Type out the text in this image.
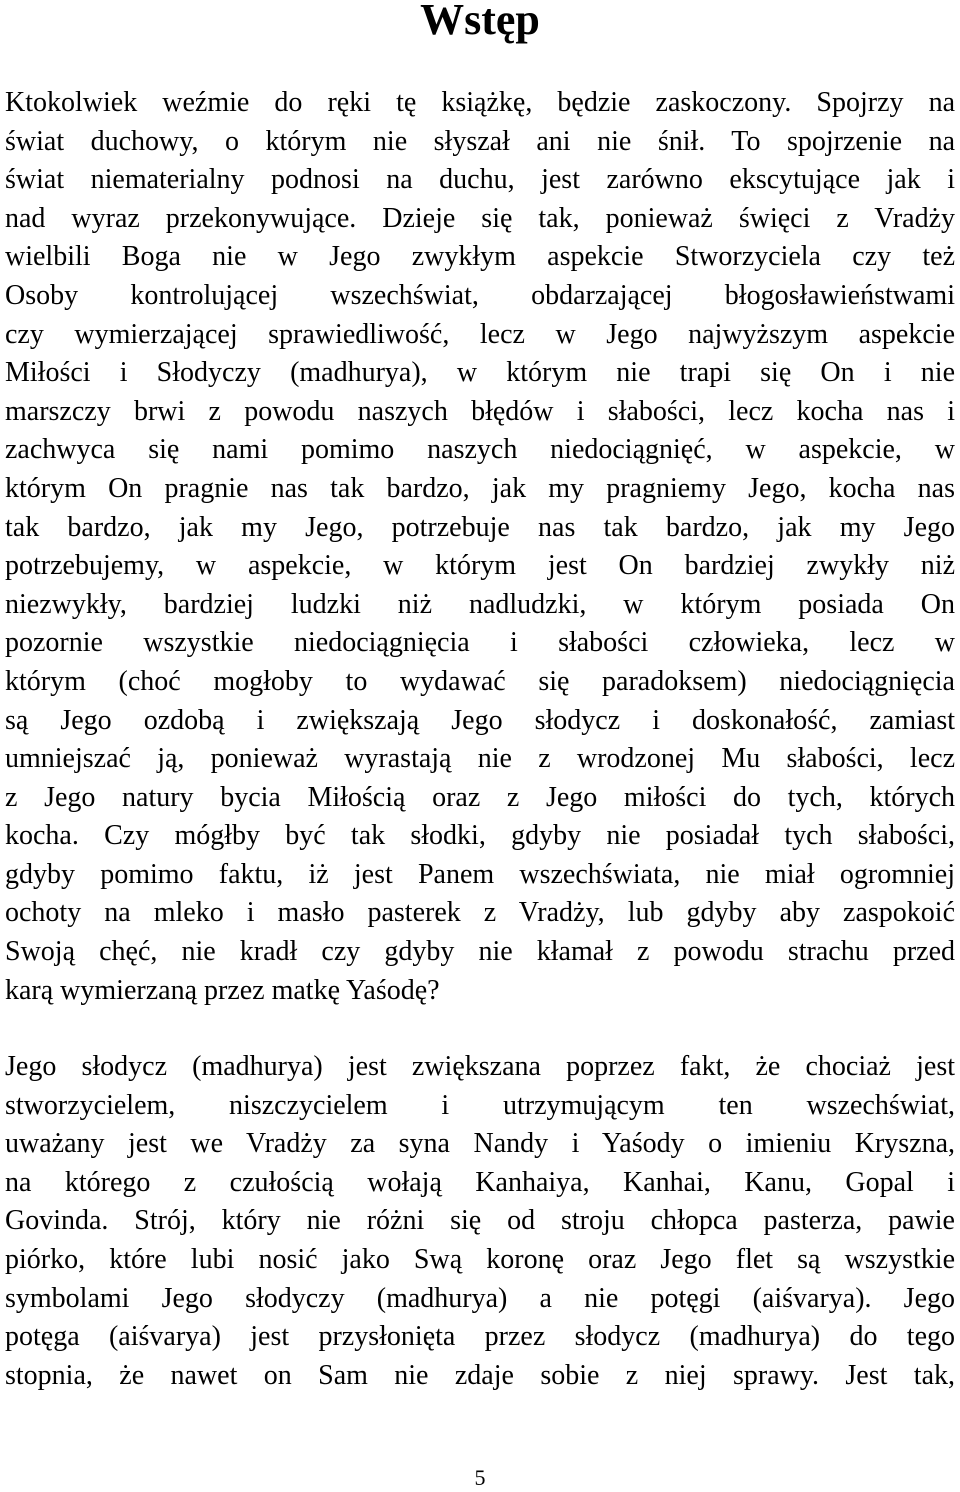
Wstęp
Ktokolwiek weźmie do ręki tę książkę, będzie zaskoczony. Spojrzy na
świat duchowy, o którym nie słyszał ani nie śnił. To spojrzenie na
świat niematerialny podnosi na duchu, jest zarówno ekscytujące jak i
nad wyraz przekonywujące. Dzieje się tak, ponieważ święci z Vradży
wielbili Boga nie w Jego zwykłym aspekcie Stworzyciela czy też
Osoby kontrolującej wszechświat, obdarzającej błogosławieństwami
czy wymierzającej sprawiedliwość, lecz w Jego najwyższym aspekcie
Miłości i Słodyczy (madhurya), w którym nie trapi się On i nie
marszczy brwi z powodu naszych błędów i słabości, lecz kocha nas i
zachwyca się nami pomimo naszych niedociągnięć, w aspekcie, w
którym On pragnie nas tak bardzo, jak my pragniemy Jego, kocha nas
tak bardzo, jak my Jego, potrzebuje nas tak bardzo, jak my Jego
potrzebujemy, w aspekcie, w którym jest On bardziej zwykły niż
niezwykły, bardziej ludzki niż nadludzki, w którym posiada On
pozornie wszystkie niedociągnięcia i słabości człowieka, lecz w
którym (choć mogłoby to wydawać się paradoksem) niedociągnięcia
są Jego ozdobą i zwiększają Jego słodycz i doskonałość, zamiast
umniejszać ją, ponieważ wyrastają nie z wrodzonej Mu słabości, lecz
z Jego natury bycia Miłością oraz z Jego miłości do tych, których
kocha. Czy mógłby być tak słodki, gdyby nie posiadał tych słabości,
gdyby pomimo faktu, iż jest Panem wszechświata, nie miał ogromniej
ochoty na mleko i masło pasterek z Vradży, lub gdyby aby zaspokoić
Swoją chęć, nie kradł czy gdyby nie kłamał z powodu strachu przed
karą wymierzaną przez matkę Yaśodę?
Jego słodycz (madhurya) jest zwiększana poprzez fakt, że chociaż jest
stworzycielem, niszczycielem i utrzymującym ten wszechświat,
uważany jest we Vradży za syna Nandy i Yaśody o imieniu Kryszna,
na którego z czułością wołają Kanhaiya, Kanhai, Kanu, Gopal i
Govinda. Strój, który nie różni się od stroju chłopca pasterza, pawie
piórko, które lubi nosić jako Swą koronę oraz Jego flet są wszystkie
symbolami Jego słodyczy (madhurya) a nie potęgi (aiśvarya). Jego
potęga (aiśvarya) jest przysłonięta przez słodycz (madhurya) do tego
stopnia, że nawet on Sam nie zdaje sobie z niej sprawy. Jest tak,
5
